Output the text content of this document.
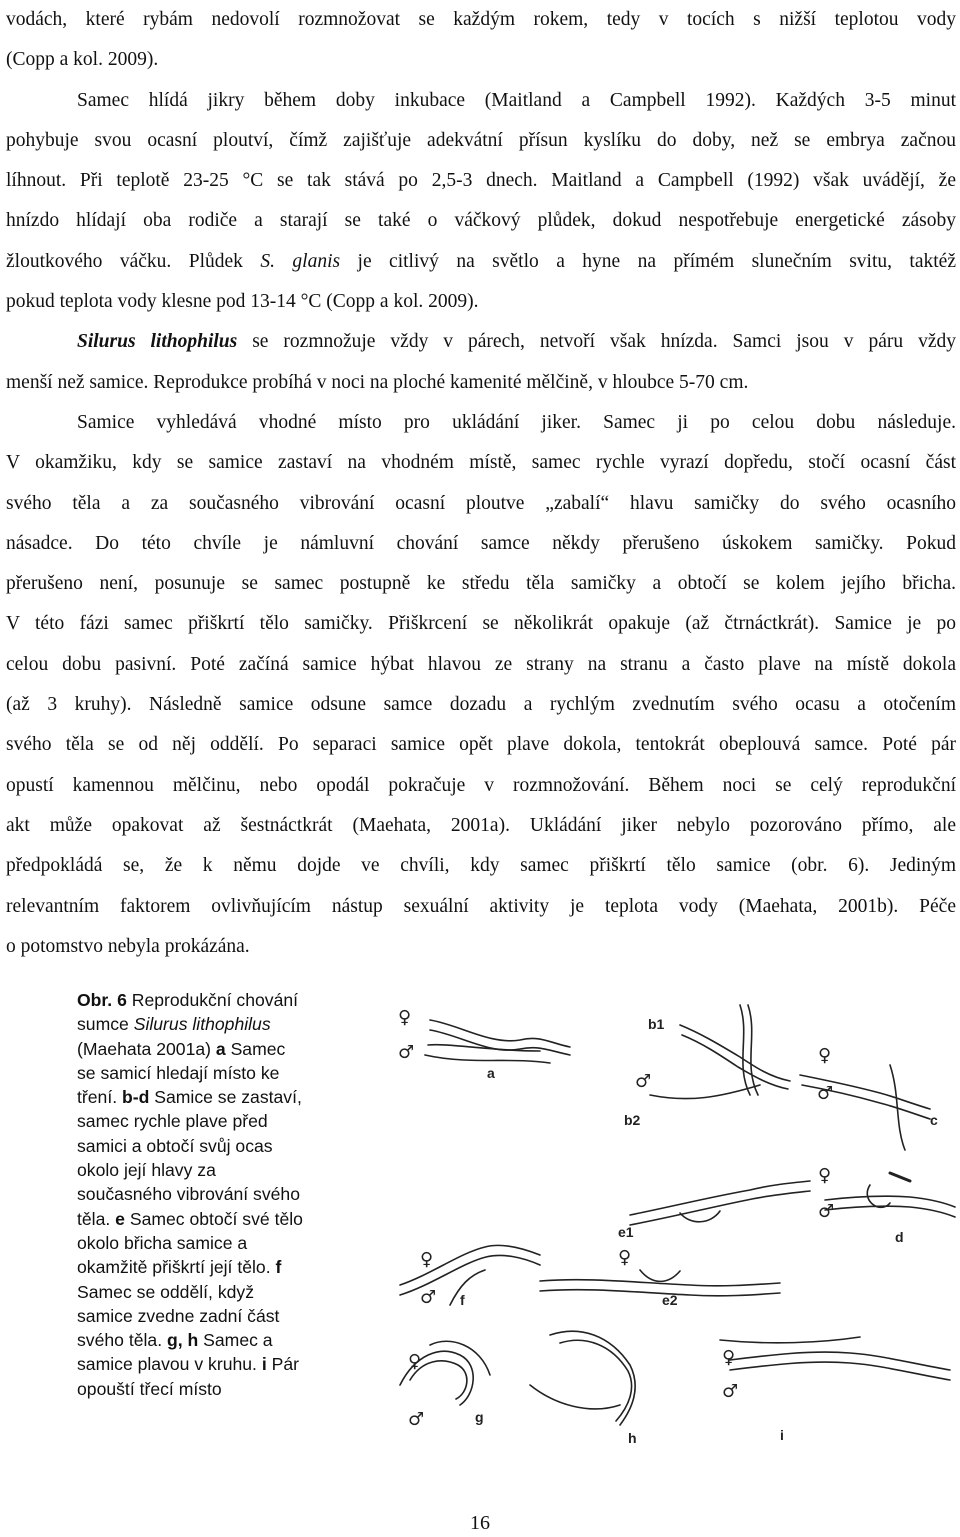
vodách, které rybám nedovolí rozmnožovat se každým rokem, tedy v tocích s nižší teplotou vody
(Copp a kol. 2009).

Samec hlídá jikry během doby inkubace (Maitland a Campbell 1992). Každých 3-5 minut
pohybuje svou ocasní ploutví, čímž zajišťuje adekvátní přísun kyslíku do doby, než se embrya začnou
líhnout. Při teplotě 23-25 °C se tak stává po 2,5-3 dnech. Maitland a Campbell (1992) však uvádějí, že
hnízdo hlídají oba rodiče a starají se také o váčkový plůdek, dokud nespotřebuje energetické zásoby
žloutkového váčku. Plůdek S. glanis je citlivý na světlo a hyne na přímém slunečním svitu, taktéž
pokud teplota vody klesne pod 13-14 °C (Copp a kol. 2009).

Silurus lithophilus se rozmnožuje vždy v párech, netvoří však hnízda. Samci jsou v páru vždy
menší než samice. Reprodukce probíhá v noci na ploché kamenité mělčině, v hloubce 5-70 cm.

Samice vyhledává vhodné místo pro ukládání jiker. Samec ji po celou dobu následuje.
V okamžiku, kdy se samice zastaví na vhodném místě, samec rychle vyrazí dopředu, stočí ocasní část
svého těla a za současného vibrování ocasní ploutve „zabalí“ hlavu samičky do svého ocasního
násadce. Do této chvíle je námluvní chování samce někdy přerušeno úskokem samičky. Pokud
přerušeno není, posunuje se samec postupně ke středu těla samičky a obtočí se kolem jejího břicha.
V této fázi samec přiškrtí tělo samičky. Přiškrcení se několikrát opakuje (až čtrnáctkrát). Samice je po
celou dobu pasivní. Poté začíná samice hýbat hlavou ze strany na stranu a často plave na místě dokola
(až 3 kruhy). Následně samice odsune samce dozadu a rychlým zvednutím svého ocasu a otočením
svého těla se od něj oddělí. Po separaci samice opět plave dokola, tentokrát obeplouvá samce. Poté pár
opustí kamennou mělčinu, nebo opodál pokračuje v rozmnožování. Během noci se celý reprodukční
akt může opakovat až šestnáctkrát (Maehata, 2001a). Ukládání jiker nebylo pozorováno přímo, ale
předpokládá se, že k němu dojde ve chvíli, kdy samec přiškrtí tělo samice (obr. 6). Jediným
relevantním faktorem ovlivňujícím nástup sexuální aktivity je teplota vody (Maehata, 2001b). Péče
o potomstvo nebyla prokázána.

Obr. 6 Reprodukční chování
sumce Silurus lithophilus
(Maehata 2001a) a Samec
se samicí hledají místo ke
tření. b-d Samice se zastaví,
samec rychle plave před
samici a obtočí svůj ocas
okolo její hlavy za
současného vibrování svého
těla. e Samec obtočí své tělo
okolo břicha samice a
okamžitě přiškrtí její tělo. f
Samec se oddělí, když
samice zvedne zadní část
svého těla. g, h Samec a
samice plavou v kruhu. i Pár
opouští třecí místo
a
b1
b2	c
d
e1
e2
f
g
h	i
♀
♂
♂
♀
♂
♀
♂
♀
♀
♂
♀
♂
♀
♂
16
